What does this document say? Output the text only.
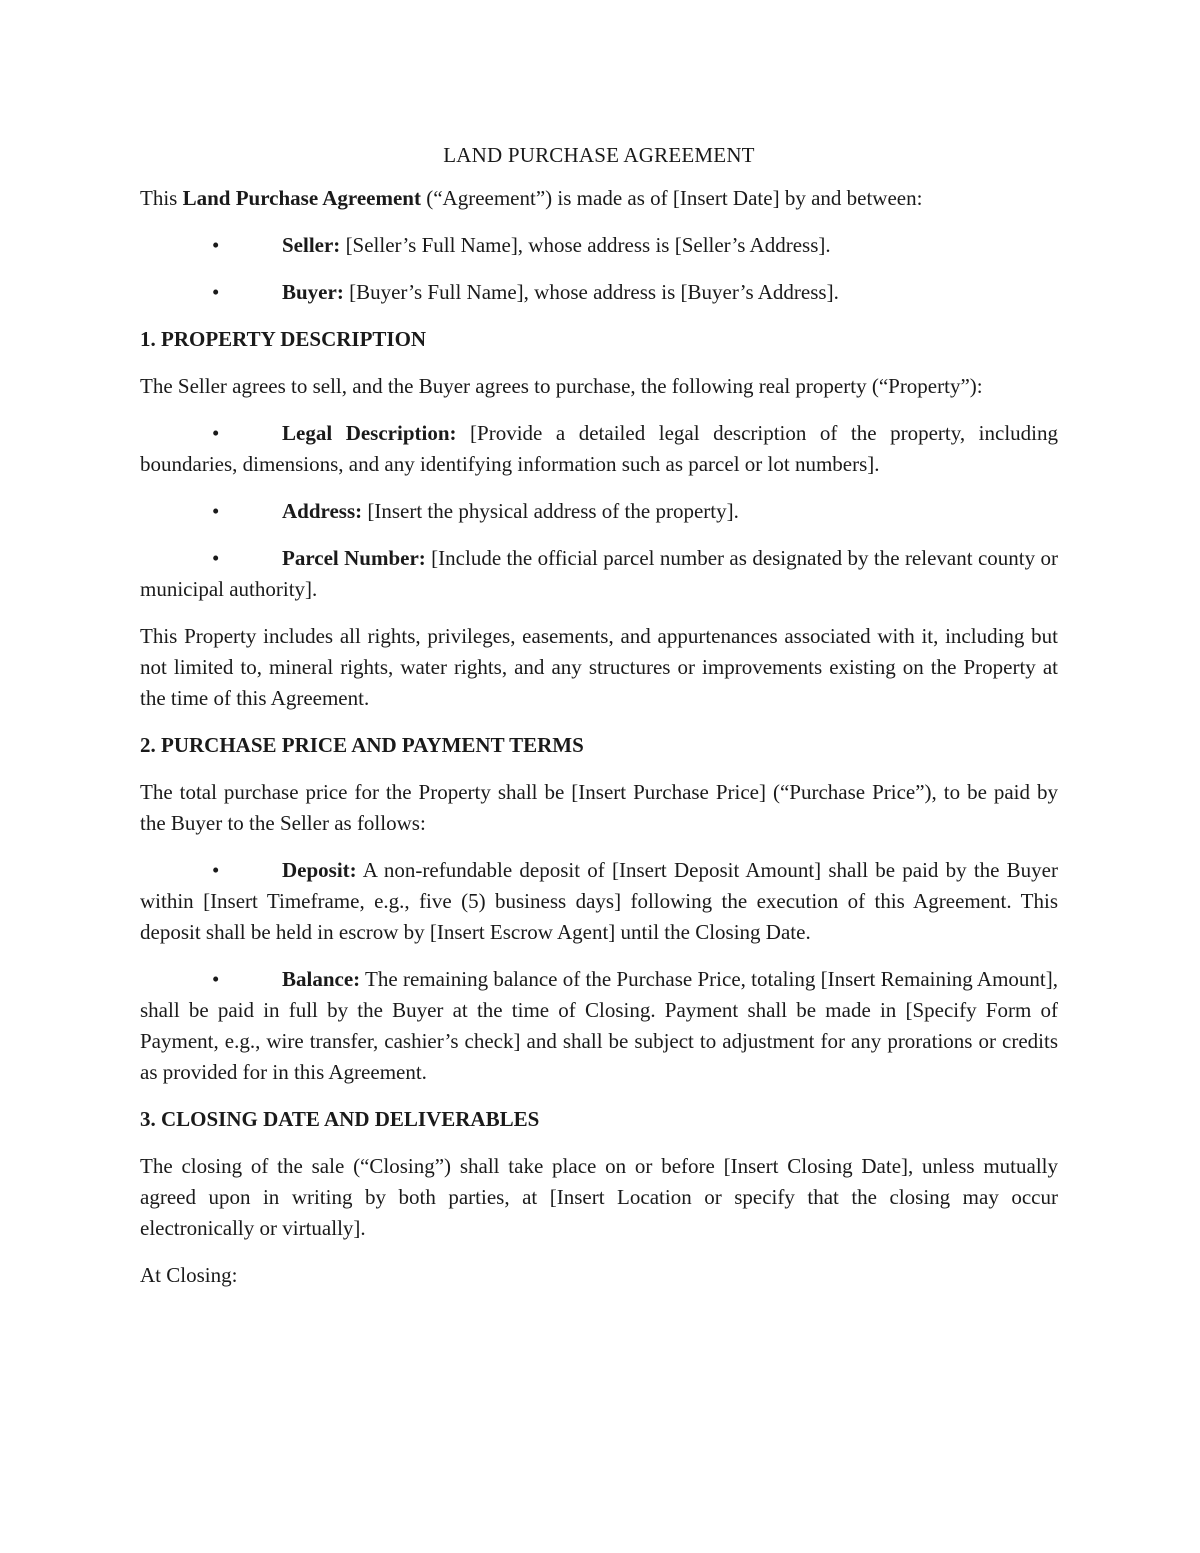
LAND PURCHASE AGREEMENT

This Land Purchase Agreement (“Agreement”) is made as of [Insert Date] by and between:

•	Seller: [Seller’s Full Name], whose address is [Seller’s Address].

•	Buyer: [Buyer’s Full Name], whose address is [Buyer’s Address].

1. PROPERTY DESCRIPTION

The Seller agrees to sell, and the Buyer agrees to purchase, the following real property (“Property”):

•	Legal Description: [Provide a detailed legal description of the property, including boundaries, dimensions, and any identifying information such as parcel or lot numbers].

•	Address: [Insert the physical address of the property].

•	Parcel Number: [Include the official parcel number as designated by the relevant county or municipal authority].

This Property includes all rights, privileges, easements, and appurtenances associated with it, including but not limited to, mineral rights, water rights, and any structures or improvements existing on the Property at the time of this Agreement.

2. PURCHASE PRICE AND PAYMENT TERMS

The total purchase price for the Property shall be [Insert Purchase Price] (“Purchase Price”), to be paid by the Buyer to the Seller as follows:

•	Deposit: A non-refundable deposit of [Insert Deposit Amount] shall be paid by the Buyer within [Insert Timeframe, e.g., five (5) business days] following the execution of this Agreement. This deposit shall be held in escrow by [Insert Escrow Agent] until the Closing Date.

•	Balance: The remaining balance of the Purchase Price, totaling [Insert Remaining Amount], shall be paid in full by the Buyer at the time of Closing. Payment shall be made in [Specify Form of Payment, e.g., wire transfer, cashier’s check] and shall be subject to adjustment for any prorations or credits as provided for in this Agreement.

3. CLOSING DATE AND DELIVERABLES

The closing of the sale (“Closing”) shall take place on or before [Insert Closing Date], unless mutually agreed upon in writing by both parties, at [Insert Location or specify that the closing may occur electronically or virtually].

At Closing:
